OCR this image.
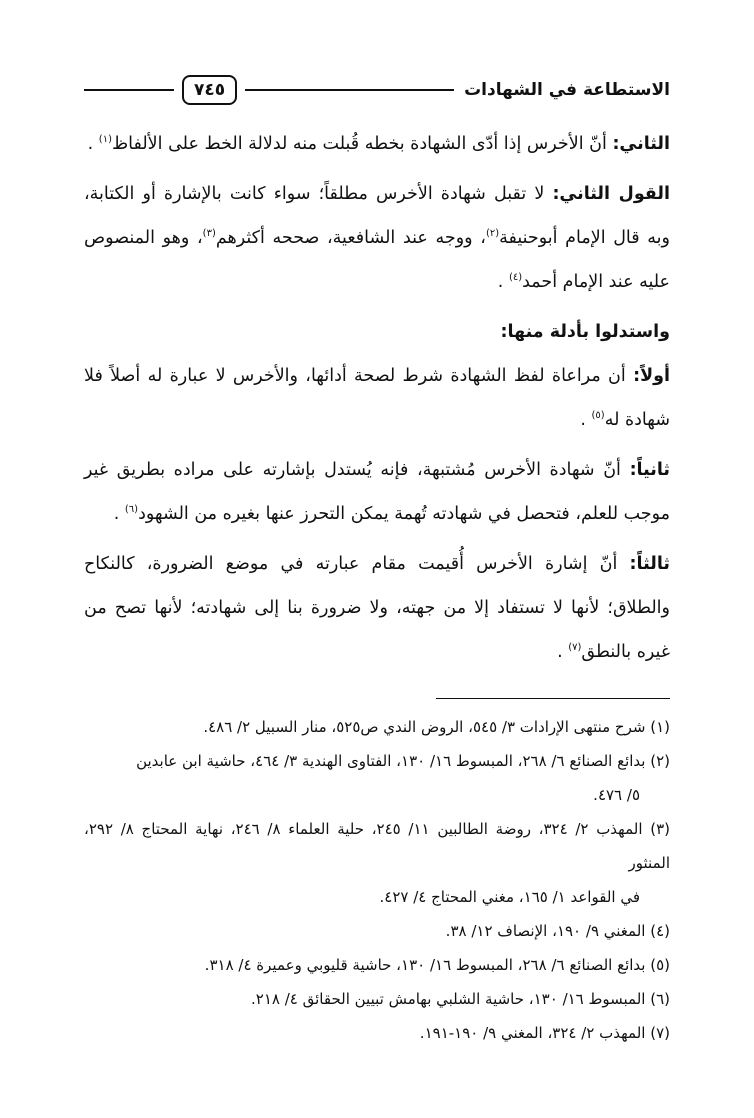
الاستطاعة في الشهادات
٧٤٥

الثاني: أنّ الأخرس إذا أدّى الشهادة بخطه قُبلت منه لدلالة الخط على الألفاظ$^{(١)}$ .

القول الثاني: لا تقبل شهادة الأخرس مطلقاً؛ سواء كانت بالإشارة أو الكتابة، وبه قال الإمام أبوحنيفة$^{(٢)}$، ووجه عند الشافعية، صححه أكثرهم$^{(٣)}$، وهو المنصوص عليه عند الإمام أحمد$^{(٤)}$ .

واستدلوا بأدلة منها:

أولاً: أن مراعاة لفظ الشهادة شرط لصحة أدائها، والأخرس لا عبارة له أصلاً فلا شهادة له$^{(٥)}$ .

ثانياً: أنّ شهادة الأخرس مُشتبهة، فإنه يُستدل بإشارته على مراده بطريق غير موجب للعلم، فتحصل في شهادته تُهمة يمكن التحرز عنها بغيره من الشهود$^{(٦)}$ .

ثالثاً: أنّ إشارة الأخرس أُقيمت مقام عبارته في موضع الضرورة، كالنكاح والطلاق؛ لأنها لا تستفاد إلا من جهته، ولا ضرورة بنا إلى شهادته؛ لأنها تصح من غيره بالنطق$^{(٧)}$ .

(١) شرح منتهى الإرادات ٣/ ٥٤٥، الروض الندي ص٥٢٥، منار السبيل ٢/ ٤٨٦.

(٢) بدائع الصنائع ٦/ ٢٦٨، المبسوط ١٦/ ١٣٠، الفتاوى الهندية ٣/ ٤٦٤، حاشية ابن عابدين

٥/ ٤٧٦.

(٣) المهذب ٢/ ٣٢٤، روضة الطالبين ١١/ ٢٤٥، حلية العلماء ٨/ ٢٤٦، نهاية المحتاج ٨/ ٢٩٢، المنثور

في القواعد ١/ ١٦٥، مغني المحتاج ٤/ ٤٢٧.

(٤) المغني ٩/ ١٩٠، الإنصاف ١٢/ ٣٨.

(٥) بدائع الصنائع ٦/ ٢٦٨، المبسوط ١٦/ ١٣٠، حاشية قليوبي وعميرة ٤/ ٣١٨.

(٦) المبسوط ١٦/ ١٣٠، حاشية الشلبي بهامش تبيين الحقائق ٤/ ٢١٨.

(٧) المهذب ٢/ ٣٢٤، المغني ٩/ ١٩٠-١٩١.
